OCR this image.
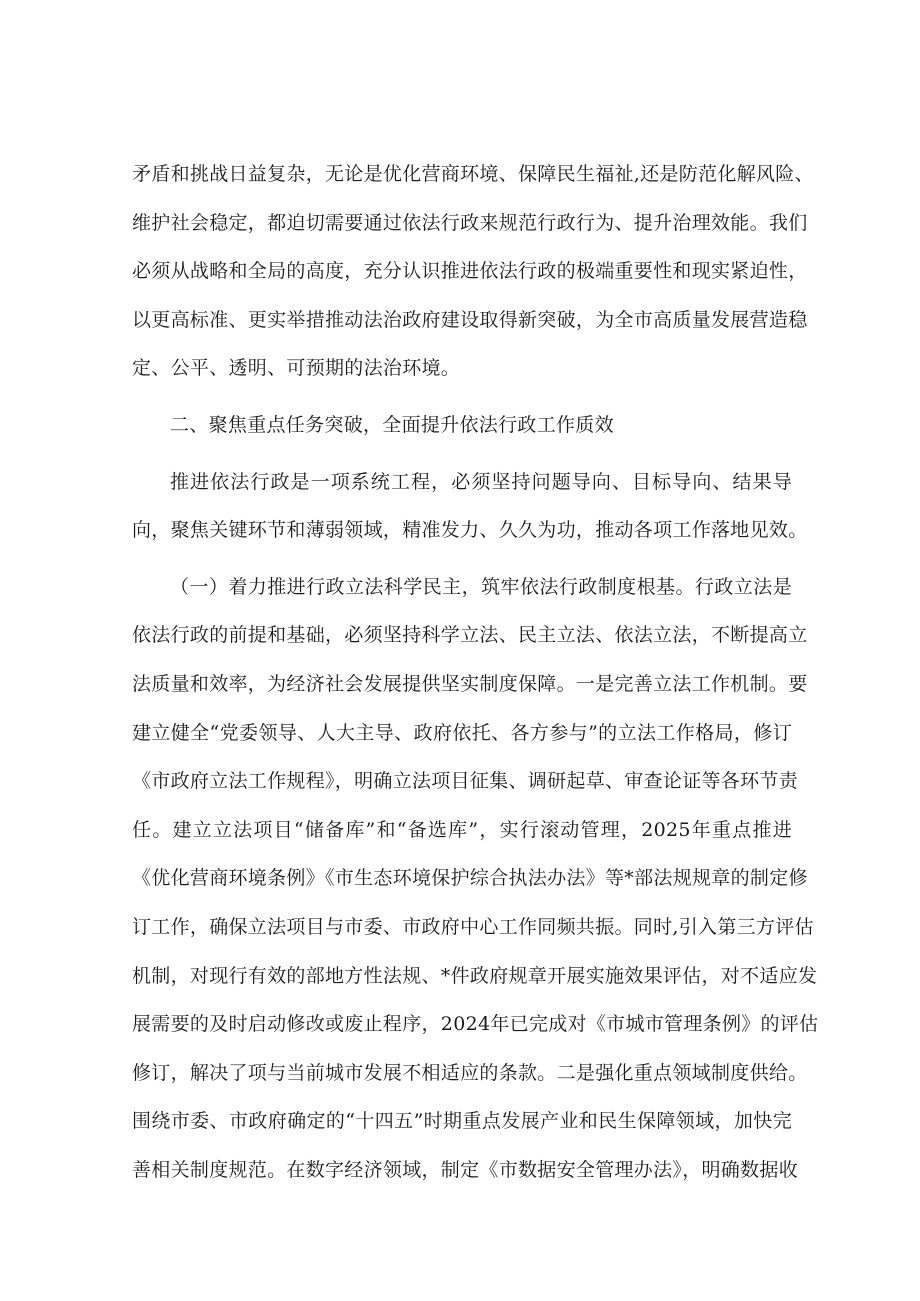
矛盾和挑战日益复杂，无论是优化营商环境、保障民生福祉,还是防范化解风险、
维护社会稳定，都迫切需要通过依法行政来规范行政行为、提升治理效能。我们
必须从战略和全局的高度，充分认识推进依法行政的极端重要性和现实紧迫性，
以更高标准、更实举措推动法治政府建设取得新突破，为全市高质量发展营造稳
定、公平、透明、可预期的法治环境。
二、聚焦重点任务突破，全面提升依法行政工作质效
推进依法行政是一项系统工程，必须坚持问题导向、目标导向、结果导
向，聚焦关键环节和薄弱领域，精准发力、久久为功，推动各项工作落地见效。
（一）着力推进行政立法科学民主，筑牢依法行政制度根基。行政立法是
依法行政的前提和基础，必须坚持科学立法、民主立法、依法立法，不断提高立
法质量和效率，为经济社会发展提供坚实制度保障。一是完善立法工作机制。要
建立健全“党委领导、人大主导、政府依托、各方参与”的立法工作格局，修订
《市政府立法工作规程》，明确立法项目征集、调研起草、审查论证等各环节责
任。建立立法项目“储备库”和“备选库”，实行滚动管理，2025年重点推进
《优化营商环境条例》《市生态环境保护综合执法办法》等*部法规规章的制定修
订工作，确保立法项目与市委、市政府中心工作同频共振。同时,引入第三方评估
机制，对现行有效的部地方性法规、*件政府规章开展实施效果评估，对不适应发
展需要的及时启动修改或废止程序，2024年已完成对《市城市管理条例》的评估
修订，解决了项与当前城市发展不相适应的条款。二是强化重点领域制度供给。
围绕市委、市政府确定的“十四五”时期重点发展产业和民生保障领域，加快完
善相关制度规范。在数字经济领域，制定《市数据安全管理办法》，明确数据收
